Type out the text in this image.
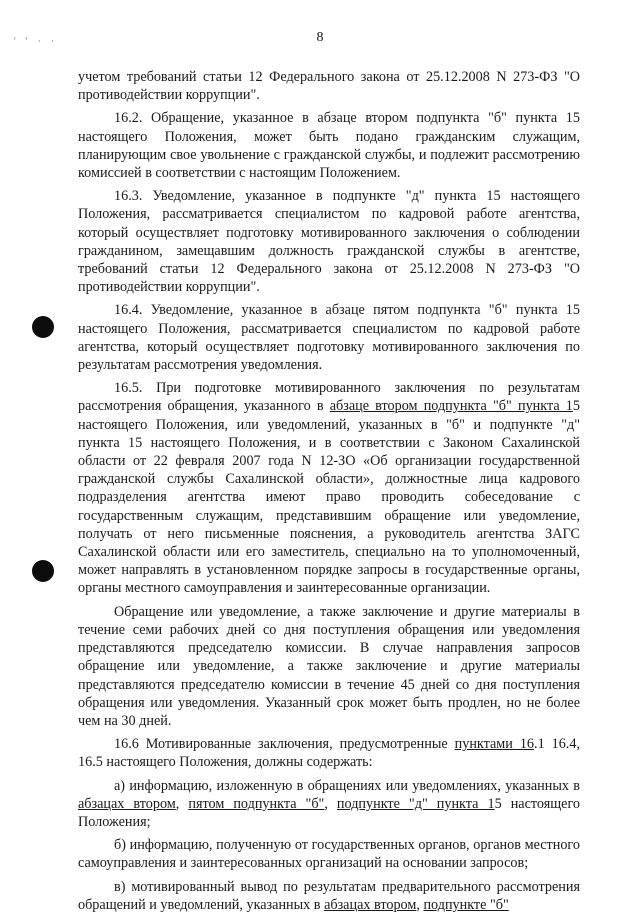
' ' · ·	8

учетом требований статьи 12 Федерального закона от 25.12.2008 N 273-ФЗ "О противодействии коррупции".

16.2. Обращение, указанное в абзаце втором подпункта "б" пункта 15 настоящего Положения, может быть подано гражданским служащим, планирующим свое увольнение с гражданской службы, и подлежит рассмотрению комиссией в соответствии с настоящим Положением.

16.3. Уведомление, указанное в подпункте "д" пункта 15 настоящего Положения, рассматривается специалистом по кадровой работе агентства, который осуществляет подготовку мотивированного заключения о соблюдении гражданином, замещавшим должность гражданской службы в агентстве, требований статьи 12 Федерального закона от 25.12.2008 N 273-ФЗ "О противодействии коррупции".

16.4. Уведомление, указанное в абзаце пятом подпункта "б" пункта 15 настоящего Положения, рассматривается специалистом по кадровой работе агентства, который осуществляет подготовку мотивированного заключения по результатам рассмотрения уведомления.

16.5. При подготовке мотивированного заключения по результатам рассмотрения обращения, указанного в абзаце втором подпункта "б" пункта 15 настоящего Положения, или уведомлений, указанных в "б" и подпункте "д" пункта 15 настоящего Положения, и в соответствии с Законом Сахалинской области от 22 февраля 2007 года N 12-ЗО «Об организации государственной гражданской службы Сахалинской области», должностные лица кадрового подразделения агентства имеют право проводить собеседование с государственным служащим, представившим обращение или уведомление, получать от него письменные пояснения, а руководитель агентства ЗАГС Сахалинской области или его заместитель, специально на то уполномоченный, может направлять в установленном порядке запросы в государственные органы, органы местного самоуправления и заинтересованные организации.

Обращение или уведомление, а также заключение и другие материалы в течение семи рабочих дней со дня поступления обращения или уведомления представляются председателю комиссии. В случае направления запросов обращение или уведомление, а также заключение и другие материалы представляются председателю комиссии в течение 45 дней со дня поступления обращения или уведомления. Указанный срок может быть продлен, но не более чем на 30 дней.

16.6 Мотивированные заключения, предусмотренные пунктами 16.1 16.4, 16.5 настоящего Положения, должны содержать:

а) информацию, изложенную в обращениях или уведомлениях, указанных в абзацах втором, пятом подпункта "б", подпункте "д" пункта 15 настоящего Положения;

б) информацию, полученную от государственных органов, органов местного самоуправления и заинтересованных организаций на основании запросов;

в) мотивированный вывод по результатам предварительного рассмотрения обращений и уведомлений, указанных в абзацах втором, подпункте "б"
